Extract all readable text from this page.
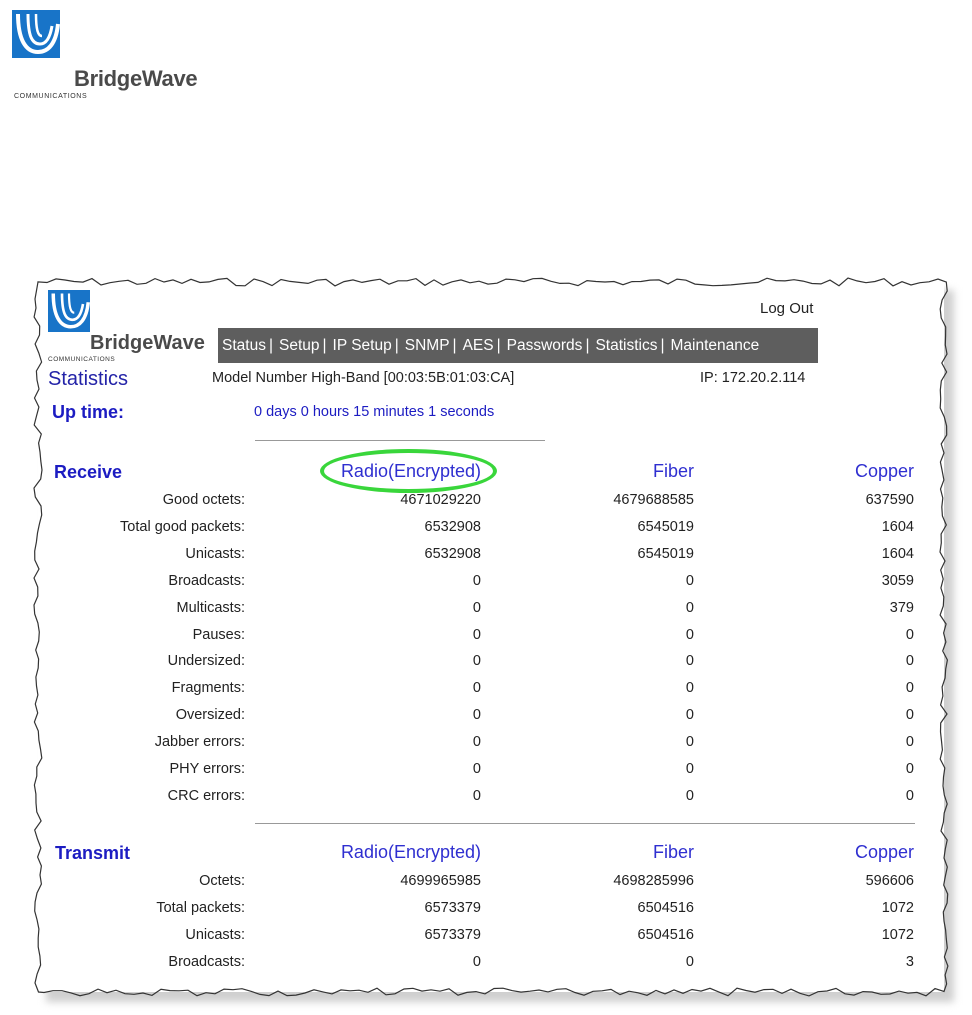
BridgeWave
COMMUNICATIONS
BridgeWave
COMMUNICATIONS
Log Out
Status | Setup | IP Setup | SNMP | AES | Passwords | Statistics | Maintenance
Statistics	Model Number High-Band [00:03:5B:01:03:CA]	IP: 172.20.2.114
Up time:	0 days 0 hours 15 minutes 1 seconds
Receive	Radio(Encrypted)	Fiber	Copper
Good octets:	4671029220	4679688585	637590
Total good packets:	6532908	6545019	1604
Unicasts:	6532908	6545019	1604
Broadcasts:	0	0	3059
Multicasts:	0	0	379
Pauses:	0	0	0
Undersized:	0	0	0
Fragments:	0	0	0
Oversized:	0	0	0
Jabber errors:	0	0	0
PHY errors:	0	0	0
CRC errors:	0	0	0
Transmit	Radio(Encrypted)	Fiber	Copper
Octets:	4699965985	4698285996	596606
Total packets:	6573379	6504516	1072
Unicasts:	6573379	6504516	1072
Broadcasts:	0	0	3
